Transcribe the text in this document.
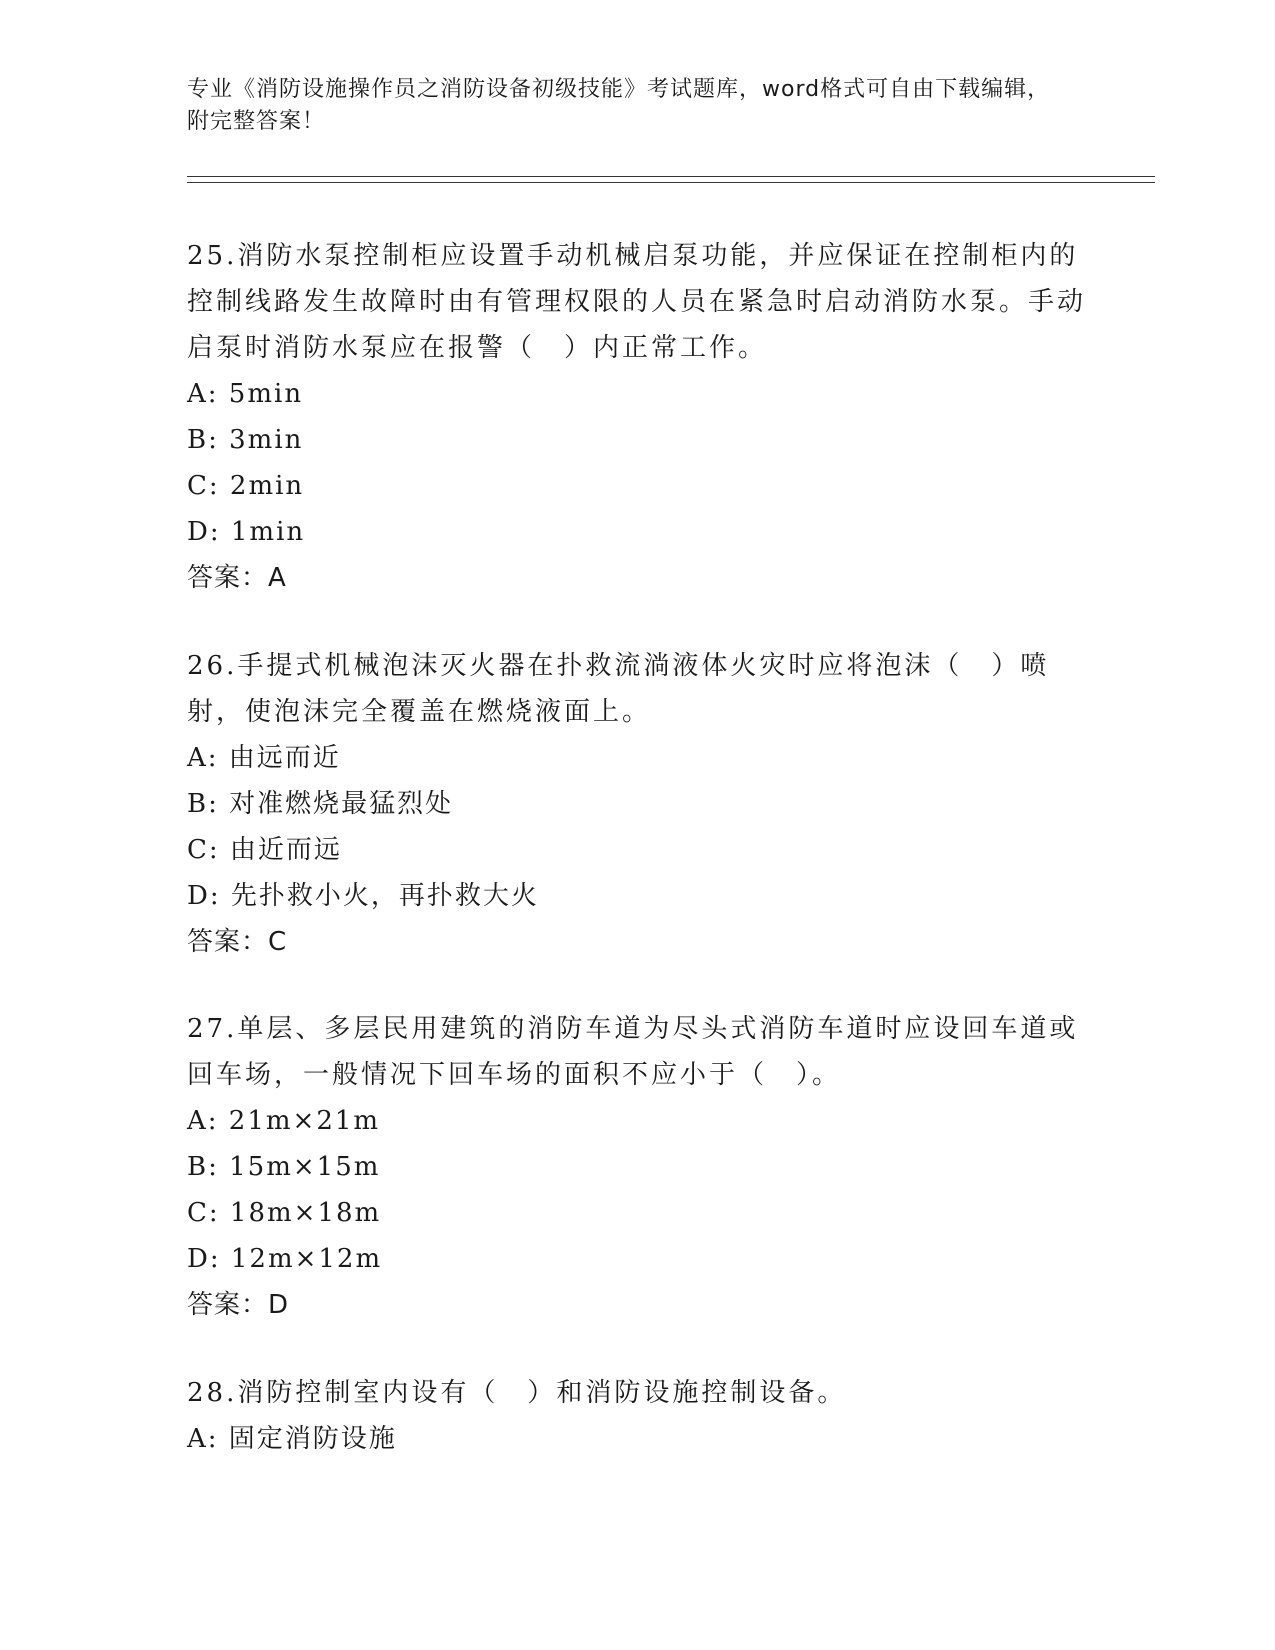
专业《消防设施操作员之消防设备初级技能》考试题库，word格式可自由下载编辑，附完整答案！

25.消防水泵控制柜应设置手动机械启泵功能，并应保证在控制柜内的控制线路发生故障时由有管理权限的人员在紧急时启动消防水泵。手动启泵时消防水泵应在报警（　）内正常工作。

A: 5min

B: 3min

C: 2min

D: 1min

答案：A

26.手提式机械泡沫灭火器在扑救流淌液体火灾时应将泡沫（　）喷射，使泡沫完全覆盖在燃烧液面上。

A: 由远而近

B: 对准燃烧最猛烈处

C: 由近而远

D: 先扑救小火，再扑救大火

答案：C

27.单层、多层民用建筑的消防车道为尽头式消防车道时应设回车道或回车场，一般情况下回车场的面积不应小于（　）。

A: 21m×21m

B: 15m×15m

C: 18m×18m

D: 12m×12m

答案：D

28.消防控制室内设有（　）和消防设施控制设备。

A: 固定消防设施
